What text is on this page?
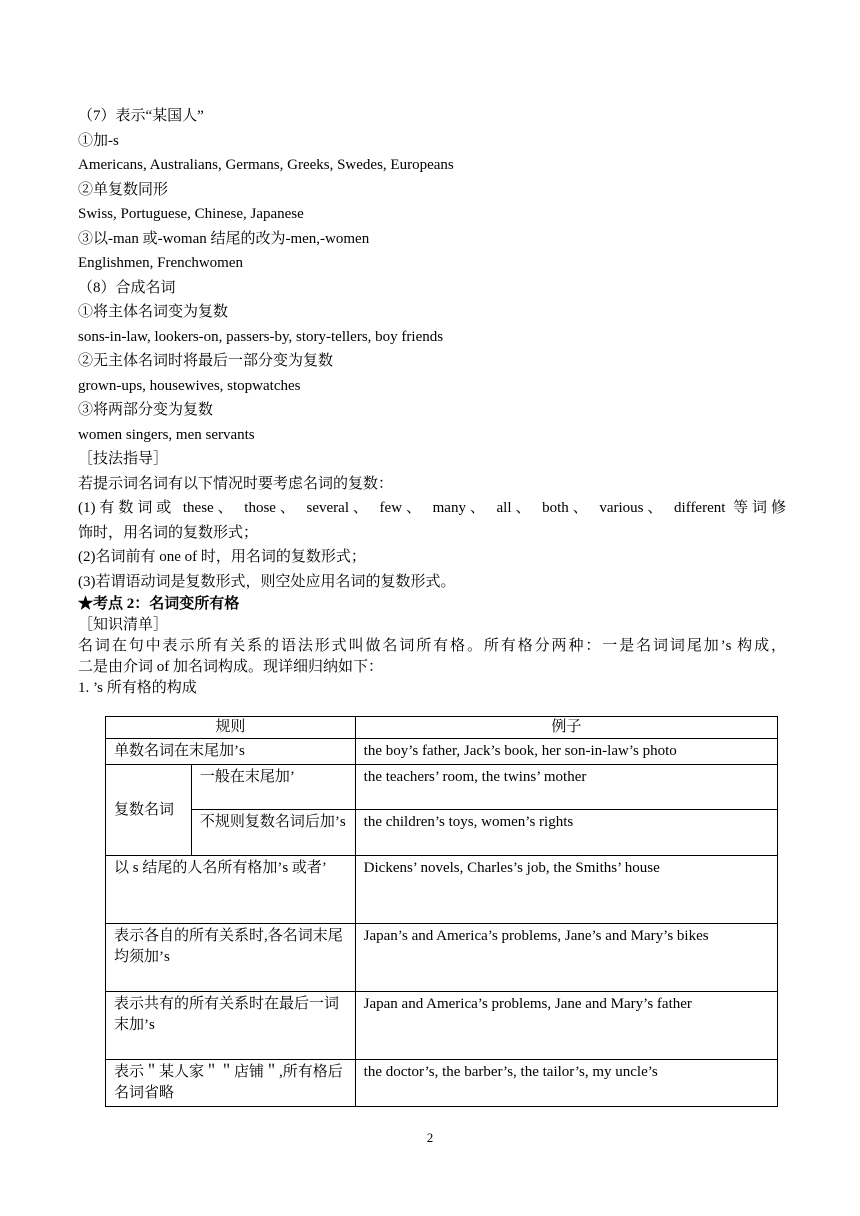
（7）表示“某国人”
①加-s
Americans, Australians, Germans, Greeks, Swedes, Europeans
②单复数同形
Swiss, Portuguese, Chinese, Japanese
③以-man 或-woman 结尾的改为-men,-women
Englishmen, Frenchwomen
（8）合成名词
①将主体名词变为复数
sons-in-law, lookers-on, passers-by, story-tellers, boy friends
②无主体名词时将最后一部分变为复数
grown-ups, housewives, stopwatches
③将两部分变为复数
women singers, men servants
［技法指导］
若提示词名词有以下情况时要考虑名词的复数：
(1)有数词或 these、 those、 several、 few、 many、 all、 both、 various、 different 等词修
饰时，用名词的复数形式；
(2)名词前有 one of 时，用名词的复数形式；
(3)若谓语动词是复数形式，则空处应用名词的复数形式。
★考点 2：名词变所有格
［知识清单］
名词在句中表示所有关系的语法形式叫做名词所有格。所有格分两种：一是名词词尾加’s 构成，
二是由介词 of 加名词构成。现详细归纳如下：
1. ’s 所有格的构成
规则		例子
单数名词在末尾加’s		the boy’s father, Jack’s book, her son-in-law’s photo
复数名词	一般在末尾加’	the teachers’ room, the twins’ mother
	不规则复数名词后加’s	the children’s toys, women’s rights
以 s 结尾的人名所有格加’s 或者’		Dickens’ novels, Charles’s job, the Smiths’ house
表示各自的所有关系时,各名词末尾均须加’s		Japan’s and America’s problems, Jane’s and Mary’s bikes
表示共有的所有关系时在最后一词末加’s		Japan and America’s problems, Jane and Mary’s father
表示＂某人家＂＂店铺＂,所有格后名词省略		the doctor’s, the barber’s, the tailor’s, my uncle’s
2
